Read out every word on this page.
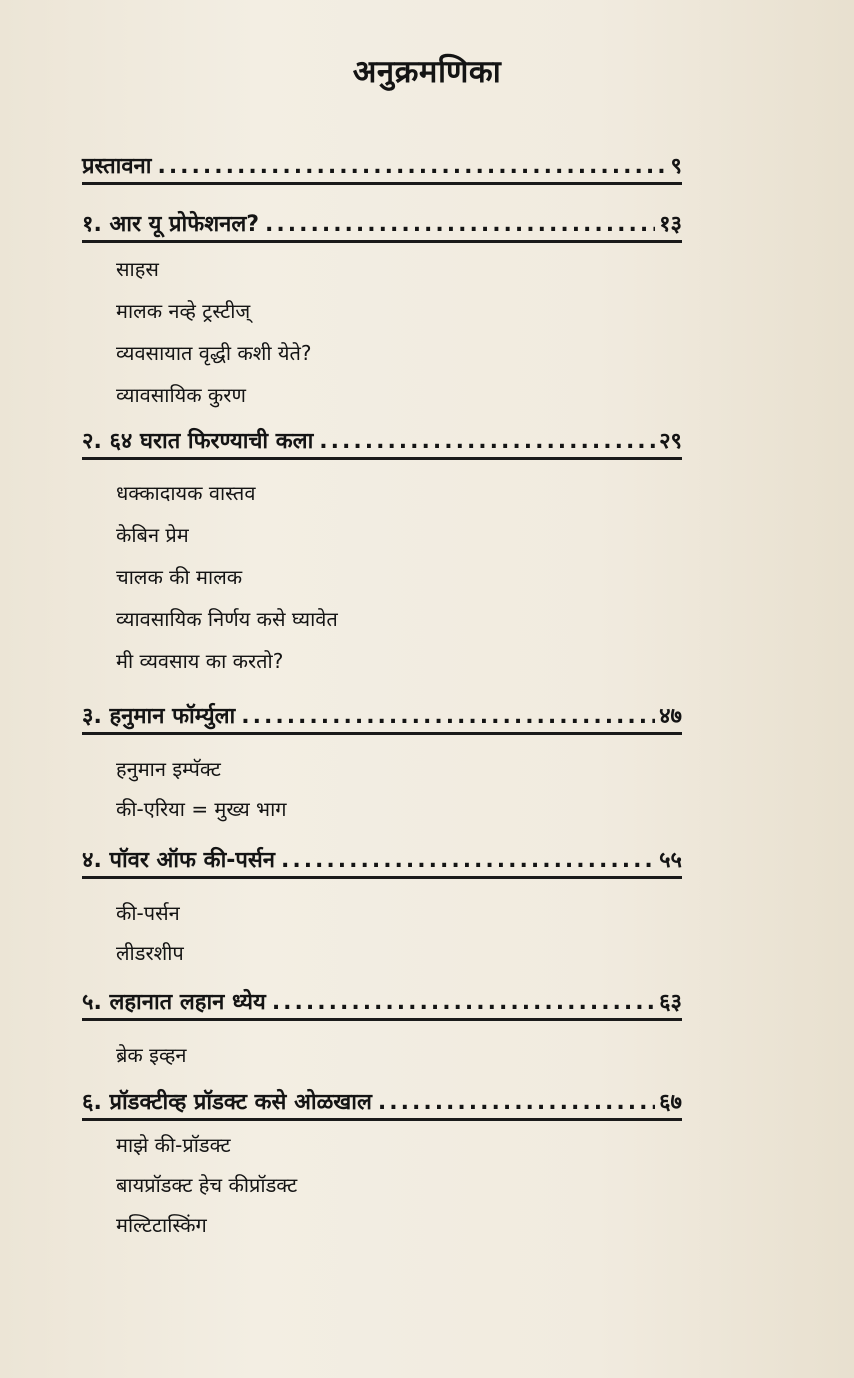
अनुक्रमणिका
प्रस्तावना .....	९
१. आर यू प्रोफेशनल? .....	१३
साहस
मालक नव्हे ट्रस्टीज्
व्यवसायात वृद्धी कशी येते?
व्यावसायिक कुरण
२. ६४ घरात फिरण्याची कला .....	२९
धक्कादायक वास्तव
केबिन प्रेम
चालक की मालक
व्यावसायिक निर्णय कसे घ्यावेत
मी व्यवसाय का करतो?
३. हनुमान फॉर्म्युला .....	४७
हनुमान इम्पॅक्ट
की-एरिया = मुख्य भाग
४. पॉवर ऑफ की-पर्सन .....	५५
की-पर्सन
लीडरशीप
५. लहानात लहान ध्येय .....	६३
ब्रेक इव्हन
६. प्रॉडक्टीव्ह प्रॉडक्ट कसे ओळखाल .....	६७
माझे की-प्रॉडक्ट
बायप्रॉडक्ट हेच कीप्रॉडक्ट
मल्टिटास्किंग
